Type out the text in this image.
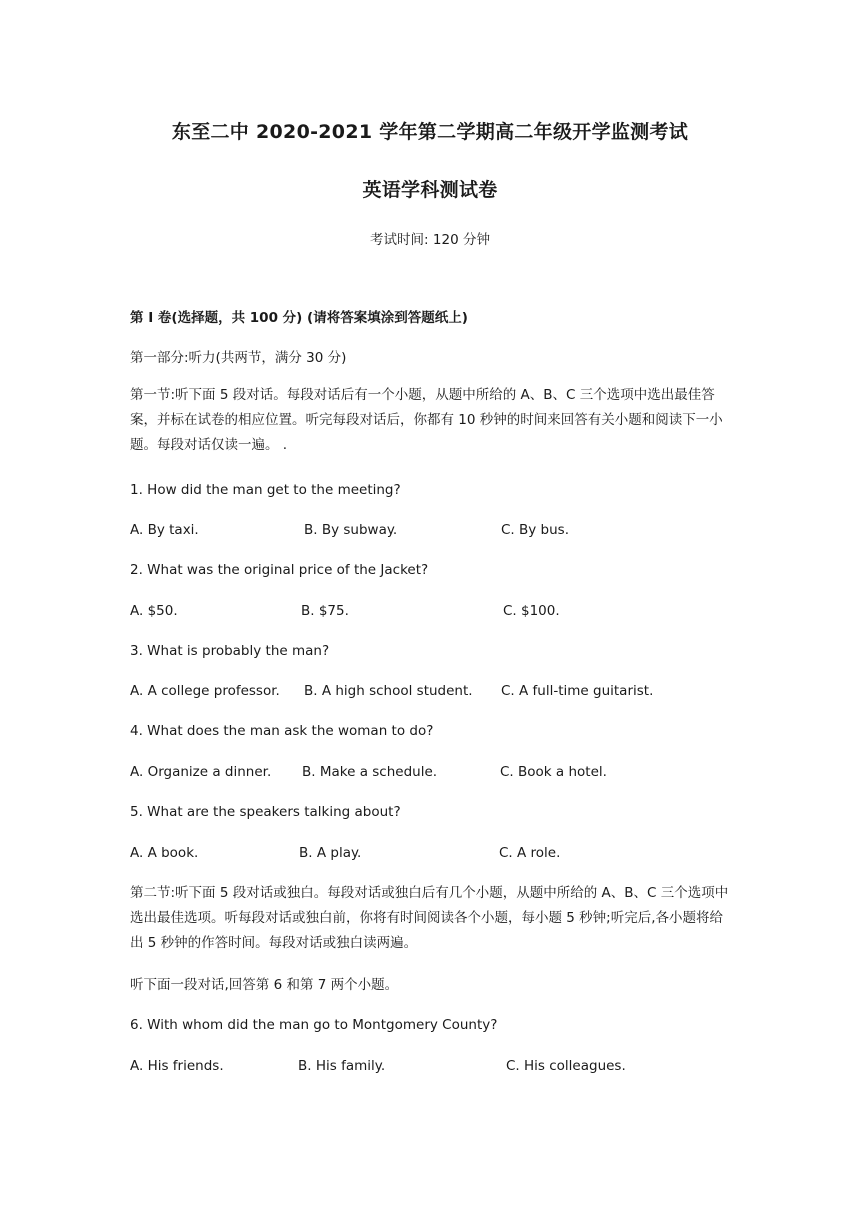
东至二中 2020-2021 学年第二学期高二年级开学监测考试
英语学科测试卷
考试时间: 120 分钟
第 I 卷(选择题，共 100 分) (请将答案填涂到答题纸上)
第一部分:听力(共两节，满分 30 分)
第一节:听下面 5 段对话。每段对话后有一个小题，从题中所给的 A、B、C 三个选项中选出最佳答案，并标在试卷的相应位置。听完每段对话后，你都有 10 秒钟的时间来回答有关小题和阅读下一小题。每段对话仅读一遍。 .
1. How did the man get to the meeting?
A. By taxi.	B. By subway.	C. By bus.
2. What was the original price of the Jacket?
A. $50.	B. $75.	C. $100.
3. What is probably the man?
A. A college professor. B. A high school student. C. A full-time guitarist.
4. What does the man ask the woman to do?
A. Organize a dinner. B. Make a schedule.	C. Book a hotel.
5. What are the speakers talking about?
A. A book.	B. A play.	C. A role.
第二节:听下面 5 段对话或独白。每段对话或独白后有几个小题，从题中所给的 A、B、C 三个选项中选出最佳选项。听每段对话或独白前，你将有时间阅读各个小题，每小题 5 秒钟;听完后,各小题将给出 5 秒钟的作答时间。每段对话或独白读两遍。
听下面一段对话,回答第 6 和第 7 两个小题。
6. With whom did the man go to Montgomery County?
A. His friends.	B. His family.	C. His colleagues.
